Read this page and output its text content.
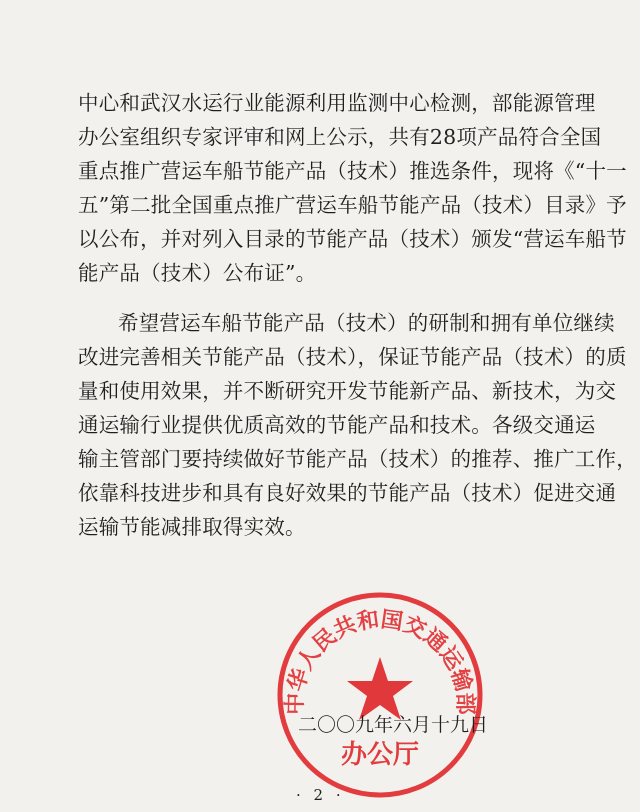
中心和武汉水运行业能源利用监测中心检测，部能源管理
办公室组织专家评审和网上公示，共有28项产品符合全国
重点推广营运车船节能产品（技术）推选条件，现将《“十一
五”第二批全国重点推广营运车船节能产品（技术）目录》予
以公布，并对列入目录的节能产品（技术）颁发“营运车船节
能产品（技术）公布证”。
希望营运车船节能产品（技术）的研制和拥有单位继续
改进完善相关节能产品（技术），保证节能产品（技术）的质
量和使用效果，并不断研究开发节能新产品、新技术，为交
通运输行业提供优质高效的节能产品和技术。各级交通运
输主管部门要持续做好节能产品（技术）的推荐、推广工作，
依靠科技进步和具有良好效果的节能产品（技术）促进交通
运输节能减排取得实效。
中华人民共和国交通运输部
办公厅
二〇〇九年六月十九日
· 2 ·
